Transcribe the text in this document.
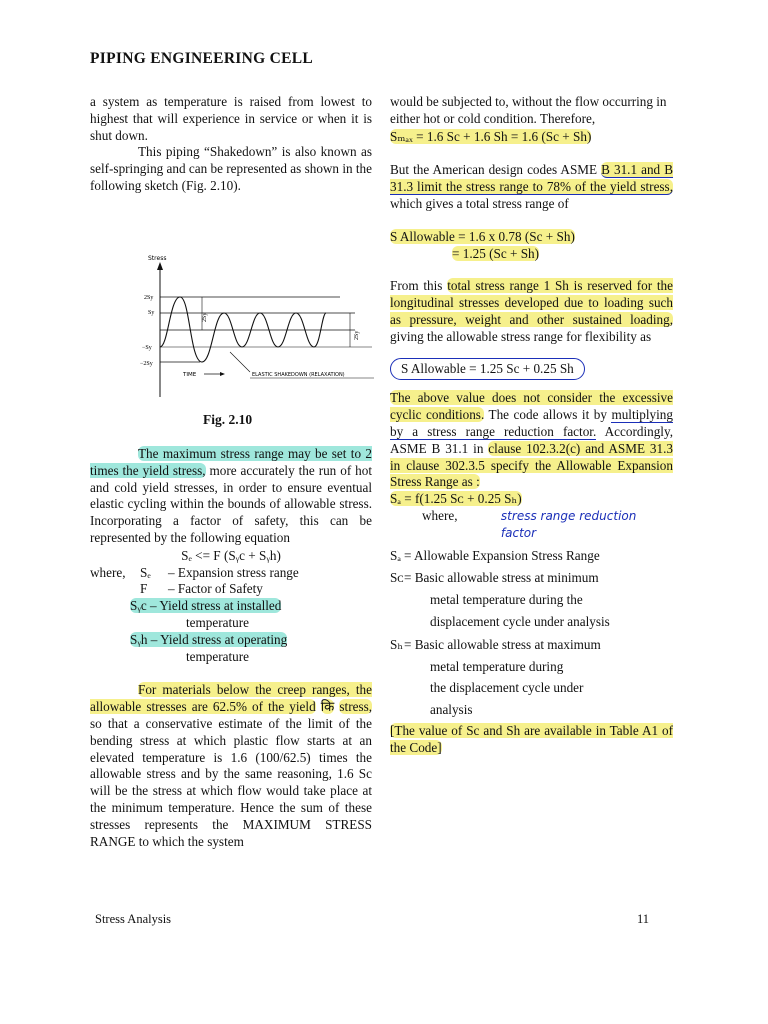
PIPING ENGINEERING CELL

a system as temperature is raised from lowest to highest that will experience in service or when it is shut down.

This piping “Shakedown” is also known as self-springing and can be represented as shown in the following sketch (Fig. 2.10).

Stress
2Sy
Sy
−Sy
−2Sy
2Sy
2Sy
TIME	ELASTIC SHAKEDOWN (RELAXATION)
Fig. 2.10

The maximum stress range may be set to 2 times the yield stress, more accurately the run of hot and cold yield stresses, in order to ensure eventual elastic cycling within the bounds of allowable stress. Incorporating a factor of safety, this can be represented by the following equation

Sₑ <= F (Sᵧc + Sᵧh)

where,	Sₑ	– Expansion stress range
F	– Factor of Safety
Sᵧc – Yield stress at installed
temperature
Sᵧh – Yield stress at operating
temperature

For materials below the creep ranges, the allowable stresses are 62.5% of the yield कि stress, so that a conservative estimate of the limit of the bending stress at which plastic flow starts at an elevated temperature is 1.6 (100/62.5) times the allowable stress and by the same reasoning, 1.6 Sc will be the stress at which flow would take place at the minimum temperature. Hence the sum of these stresses represents the MAXIMUM STRESS RANGE to which the system

would be subjected to, without the flow occurring in either hot or cold condition. Therefore,

Sₘₐₓ = 1.6 Sc + 1.6 Sh = 1.6 (Sc + Sh)

But the American design codes ASME B 31.1 and B 31.3 limit the stress range to 78% of the yield stress, which gives a total stress range of

S Allowable = 1.6 x 0.78 (Sc + Sh)

= 1.25 (Sc + Sh)

From this total stress range 1 Sh is reserved for the longitudinal stresses developed due to loading such as pressure, weight and other sustained loading, giving the allowable stress range for flexibility as

S Allowable = 1.25 Sc + 0.25 Sh

The above value does not consider the excessive cyclic conditions. The code allows it by multiplying by a stress range reduction factor. Accordingly, ASME B 31.1 in clause 102.3.2(c) and ASME 31.3 in clause 302.3.5 specify the Allowable Expansion Stress Range as :

Sₐ = f(1.25 Sᴄ + 0.25 Sₕ)

where,	stress range reduction factor
Sₐ = Allowable Expansion Stress Range
Sᴄ = Basic allowable stress at minimum
metal temperature during the
displacement cycle under analysis
Sₕ = Basic allowable stress at maximum
metal temperature during
the displacement cycle under
analysis

[The value of Sc and Sh are available in Table A1 of the Code]

Stress Analysis	11
